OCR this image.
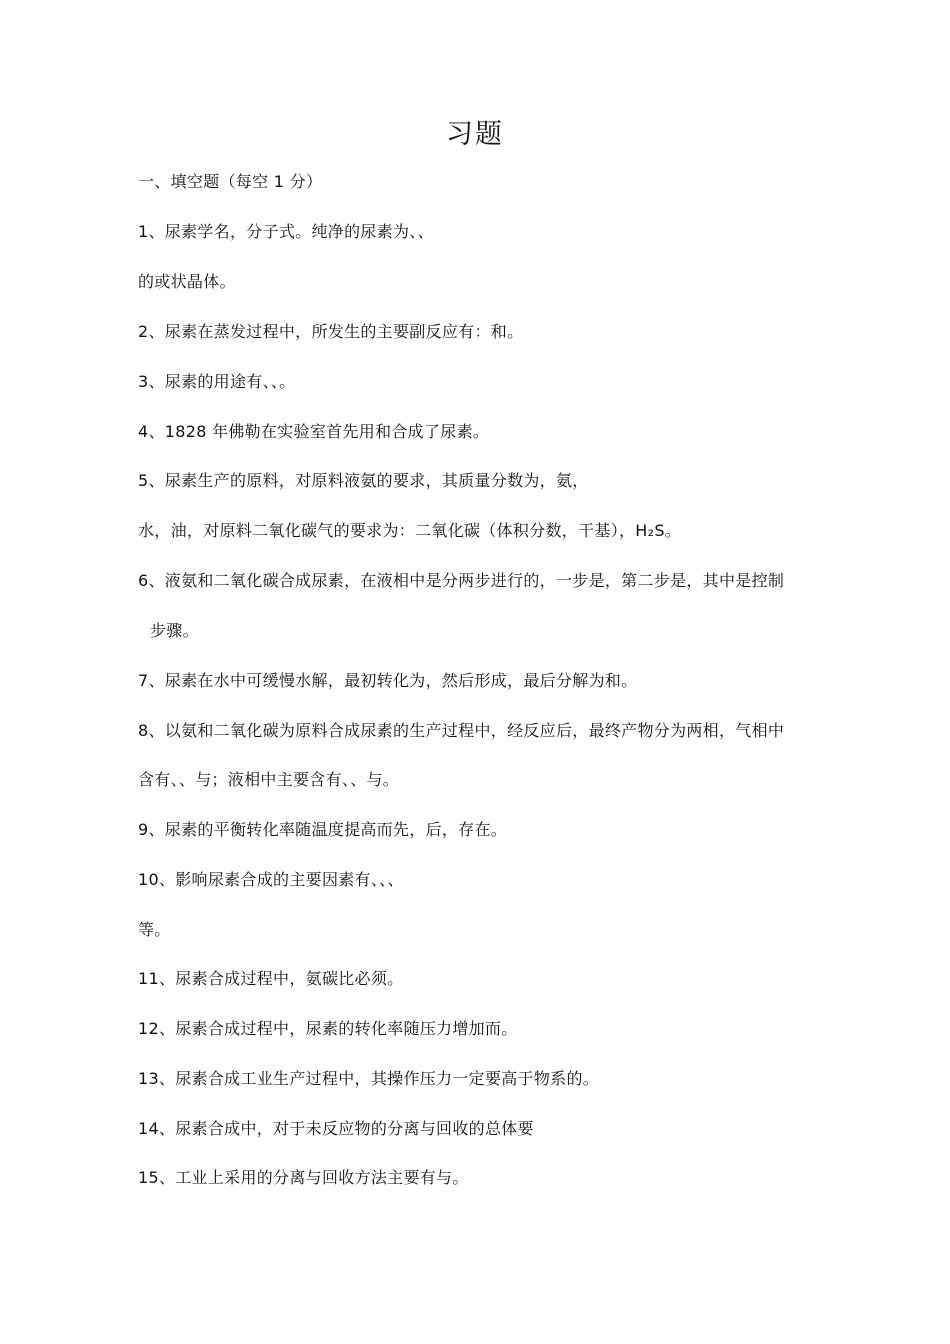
习题
一、填空题（每空 1 分）
1、尿素学名，分子式。纯净的尿素为、、
的或状晶体。
2、尿素在蒸发过程中，所发生的主要副反应有：和。
3、尿素的用途有、、。
4、1828 年佛勒在实验室首先用和合成了尿素。
5、尿素生产的原料，对原料液氨的要求，其质量分数为，氨，
水，油，对原料二氧化碳气的要求为：二氧化碳（体积分数，干基），H₂S。
6、液氨和二氧化碳合成尿素，在液相中是分两步进行的，一步是，第二步是，其中是控制
步骤。
7、尿素在水中可缓慢水解，最初转化为，然后形成，最后分解为和。
8、以氨和二氧化碳为原料合成尿素的生产过程中，经反应后，最终产物分为两相，气相中
含有、、与；液相中主要含有、、与。
9、尿素的平衡转化率随温度提高而先，后，存在。
10、影响尿素合成的主要因素有、、、
等。
11、尿素合成过程中，氨碳比必须。
12、尿素合成过程中，尿素的转化率随压力增加而。
13、尿素合成工业生产过程中，其操作压力一定要高于物系的。
14、尿素合成中，对于未反应物的分离与回收的总体要
15、工业上采用的分离与回收方法主要有与。
